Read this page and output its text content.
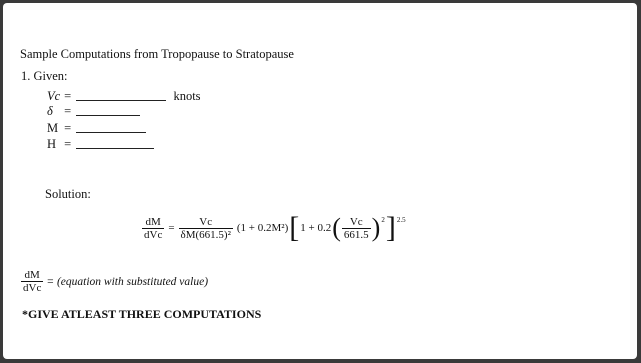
Sample Computations from Tropopause to Stratopause
1. Given:
Vc =	knots
δ =
M =
H =
Solution:
$\frac{dM}{\text{dVc}} = \frac{Vc}{\text{δM(661.5)²}} (1 + 0.2M^2)$ [ 1 + 0.2 ( $\frac{Vc}{661.5}$ ) 2 ] 2.5
$\frac{dM}{\text{dVc}}$ = (equation with substituted value)
*GIVE ATLEAST THREE COMPUTATIONS
